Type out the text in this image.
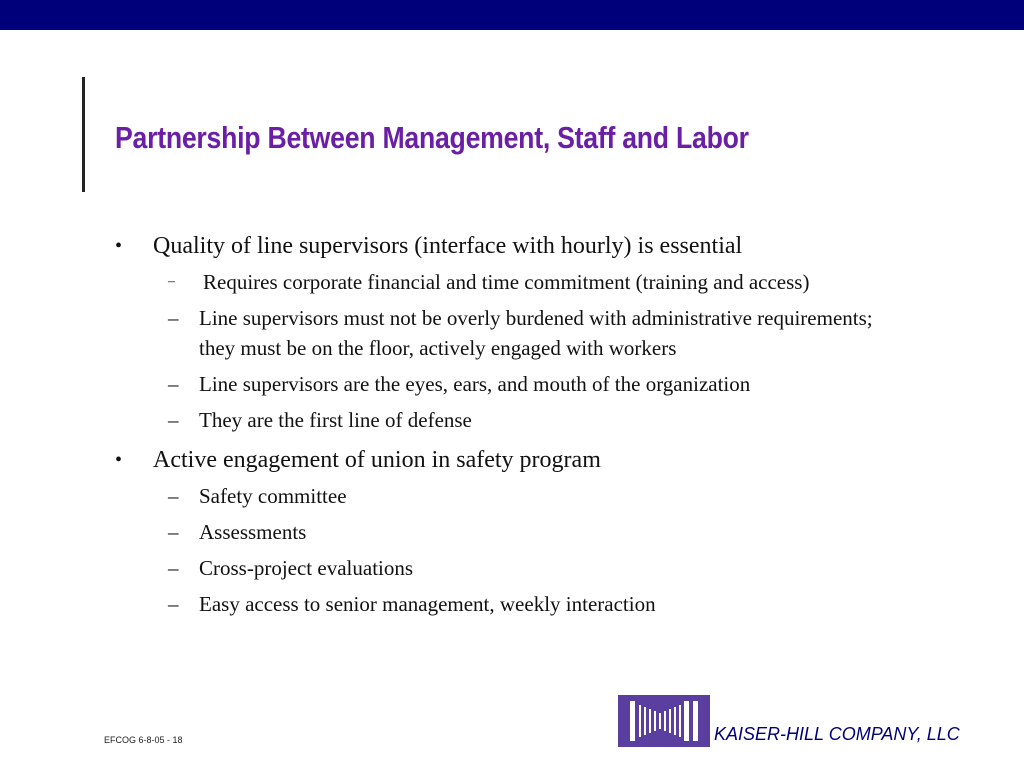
Partnership Between Management, Staff and Labor
• Quality of line supervisors (interface with hourly) is essential
– Requires corporate financial and time commitment (training and access)
– Line supervisors must not be overly burdened with administrative requirements; they must be on the floor, actively engaged with workers
– Line supervisors are the eyes, ears, and mouth of the organization
– They are the first line of defense
• Active engagement of union in safety program
– Safety committee
– Assessments
– Cross-project evaluations
– Easy access to senior management, weekly interaction
EFCOG 6-8-05 - 18	KAISER-HILL COMPANY, LLC
